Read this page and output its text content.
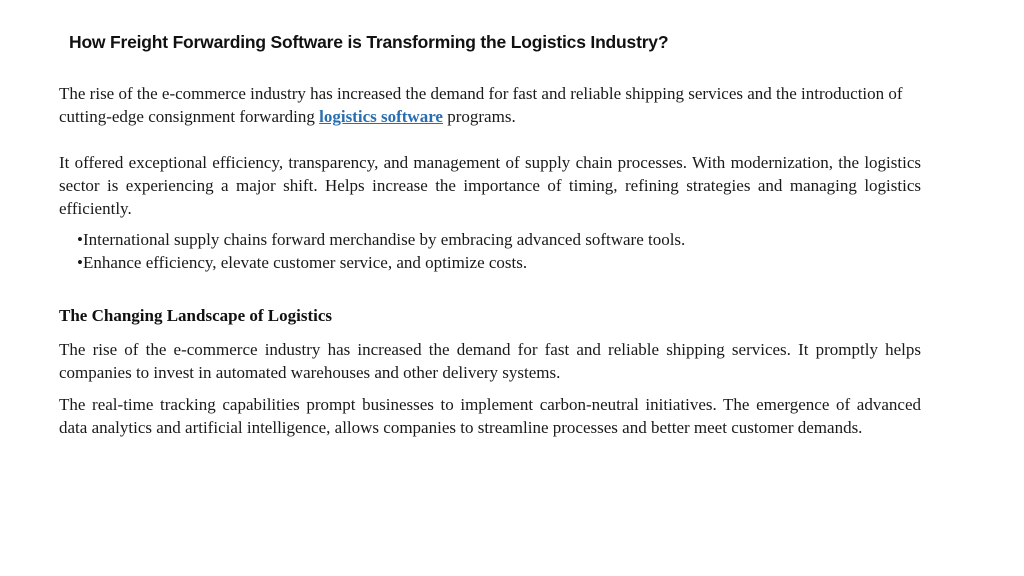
How Freight Forwarding Software is Transforming the Logistics Industry?

The rise of the e-commerce industry has increased the demand for fast and reliable shipping services and the introduction of cutting-edge consignment forwarding logistics software programs.

It offered exceptional efficiency, transparency, and management of supply chain processes. With modernization, the logistics sector is experiencing a major shift. Helps increase the importance of timing, refining strategies and managing logistics efficiently.

•International supply chains forward merchandise by embracing advanced software tools.
•Enhance efficiency, elevate customer service, and optimize costs.
The Changing Landscape of Logistics

The rise of the e-commerce industry has increased the demand for fast and reliable shipping services. It promptly helps companies to invest in automated warehouses and other delivery systems.

The real-time tracking capabilities prompt businesses to implement carbon-neutral initiatives. The emergence of advanced data analytics and artificial intelligence, allows companies to streamline processes and better meet customer demands.
